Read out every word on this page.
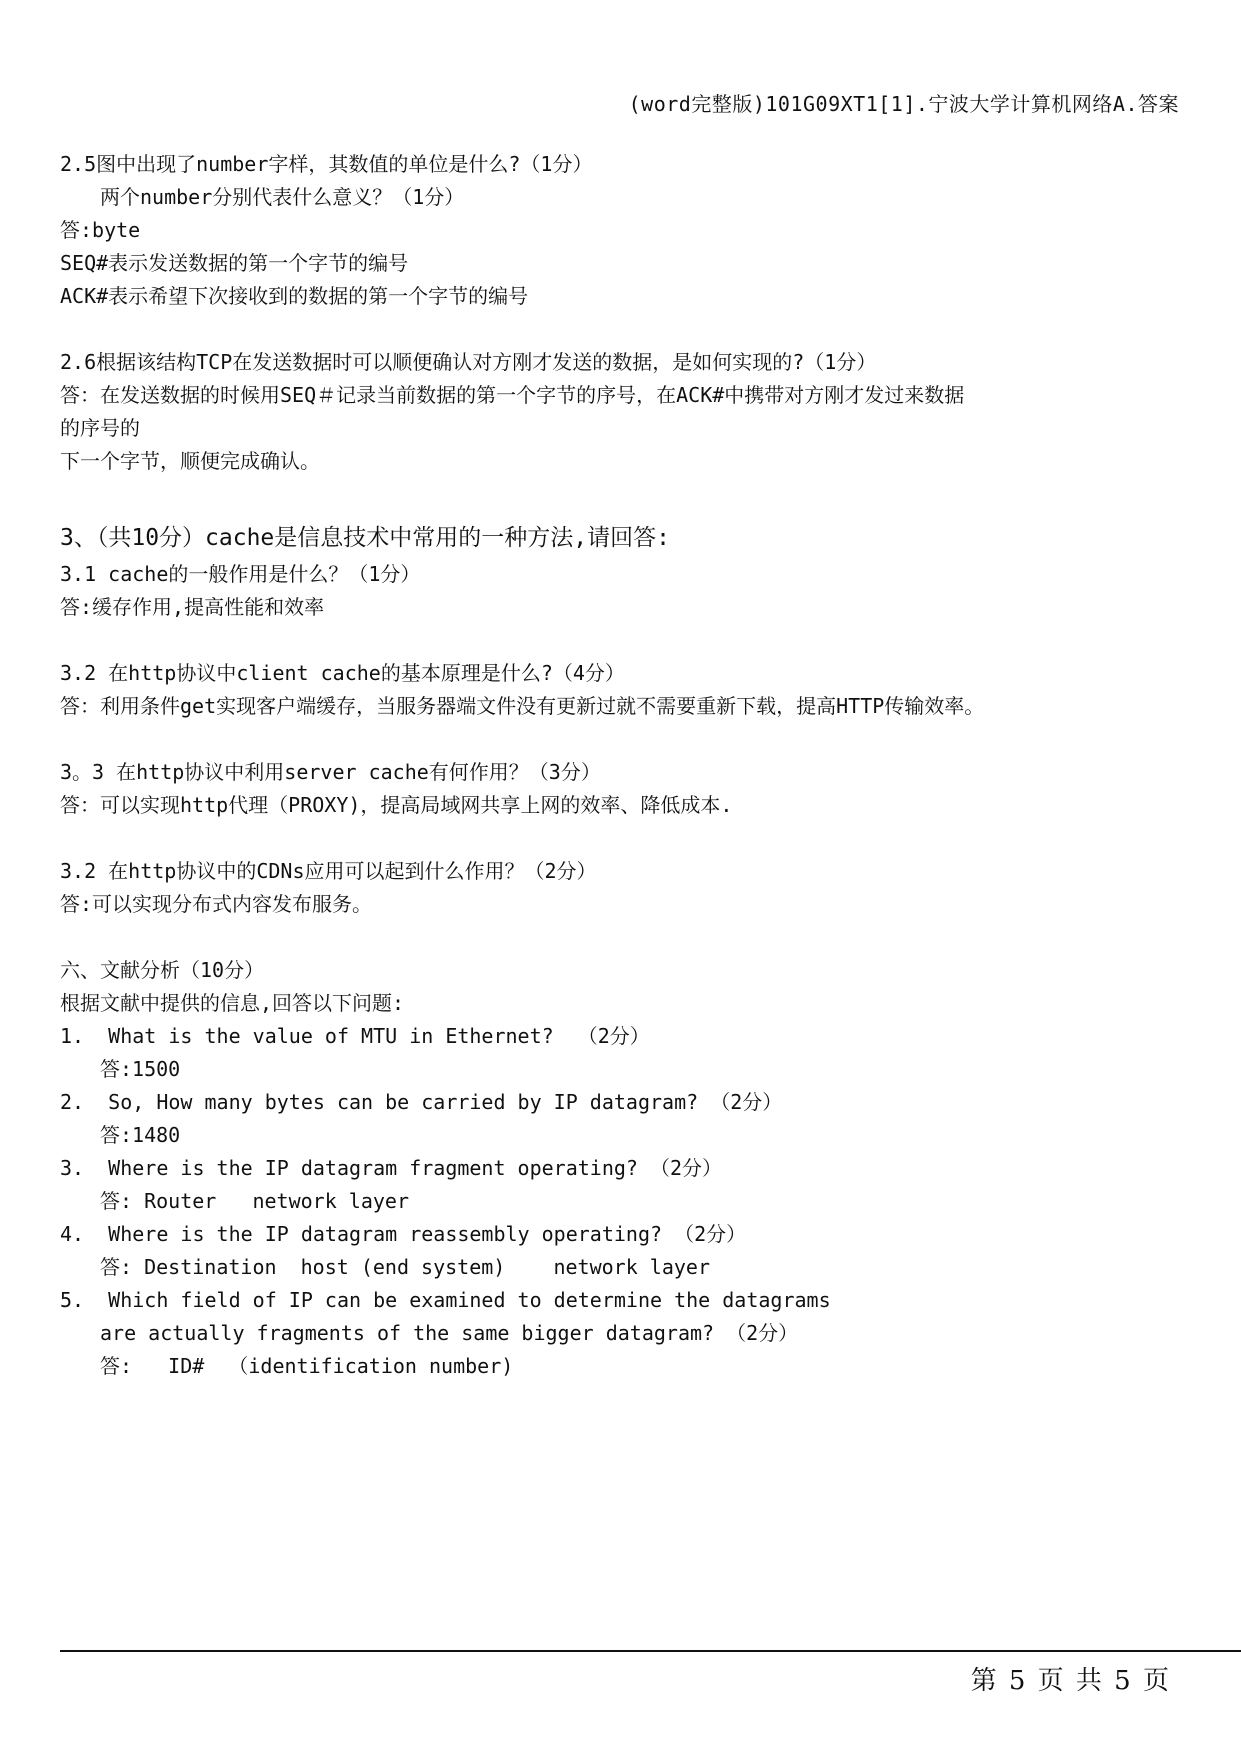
(word完整版)101G09XT1[1].宁波大学计算机网络A.答案
2.5图中出现了number字样，其数值的单位是什么?（1分）
两个number分别代表什么意义？（1分）
答:byte
SEQ#表示发送数据的第一个字节的编号
ACK#表示希望下次接收到的数据的第一个字节的编号
2.6根据该结构TCP在发送数据时可以顺便确认对方刚才发送的数据，是如何实现的?（1分）
答：在发送数据的时候用SEQ＃记录当前数据的第一个字节的序号，在ACK#中携带对方刚才发过来数据
的序号的
下一个字节，顺便完成确认。
3、（共10分）cache是信息技术中常用的一种方法,请回答:
3.1 cache的一般作用是什么？（1分）
答:缓存作用,提高性能和效率
3.2 在http协议中client cache的基本原理是什么?（4分）
答：利用条件get实现客户端缓存，当服务器端文件没有更新过就不需要重新下载，提高HTTP传输效率。
3。3 在http协议中利用server cache有何作用？（3分）
答：可以实现http代理（PROXY)，提高局域网共享上网的效率、降低成本.
3.2 在http协议中的CDNs应用可以起到什么作用？（2分）
答:可以实现分布式内容发布服务。
六、文献分析（10分）
根据文献中提供的信息,回答以下问题:
1.  What is the value of MTU in Ethernet?  （2分）
答:1500
2.  So, How many bytes can be carried by IP datagram? （2分）
答:1480
3.  Where is the IP datagram fragment operating? （2分）
答: Router   network layer
4.  Where is the IP datagram reassembly operating? （2分）
答: Destination  host (end system)    network layer
5.  Which field of IP can be examined to determine the datagrams
are actually fragments of the same bigger datagram? （2分）
答:   ID#  （identification number)
第 5 页 共 5 页
